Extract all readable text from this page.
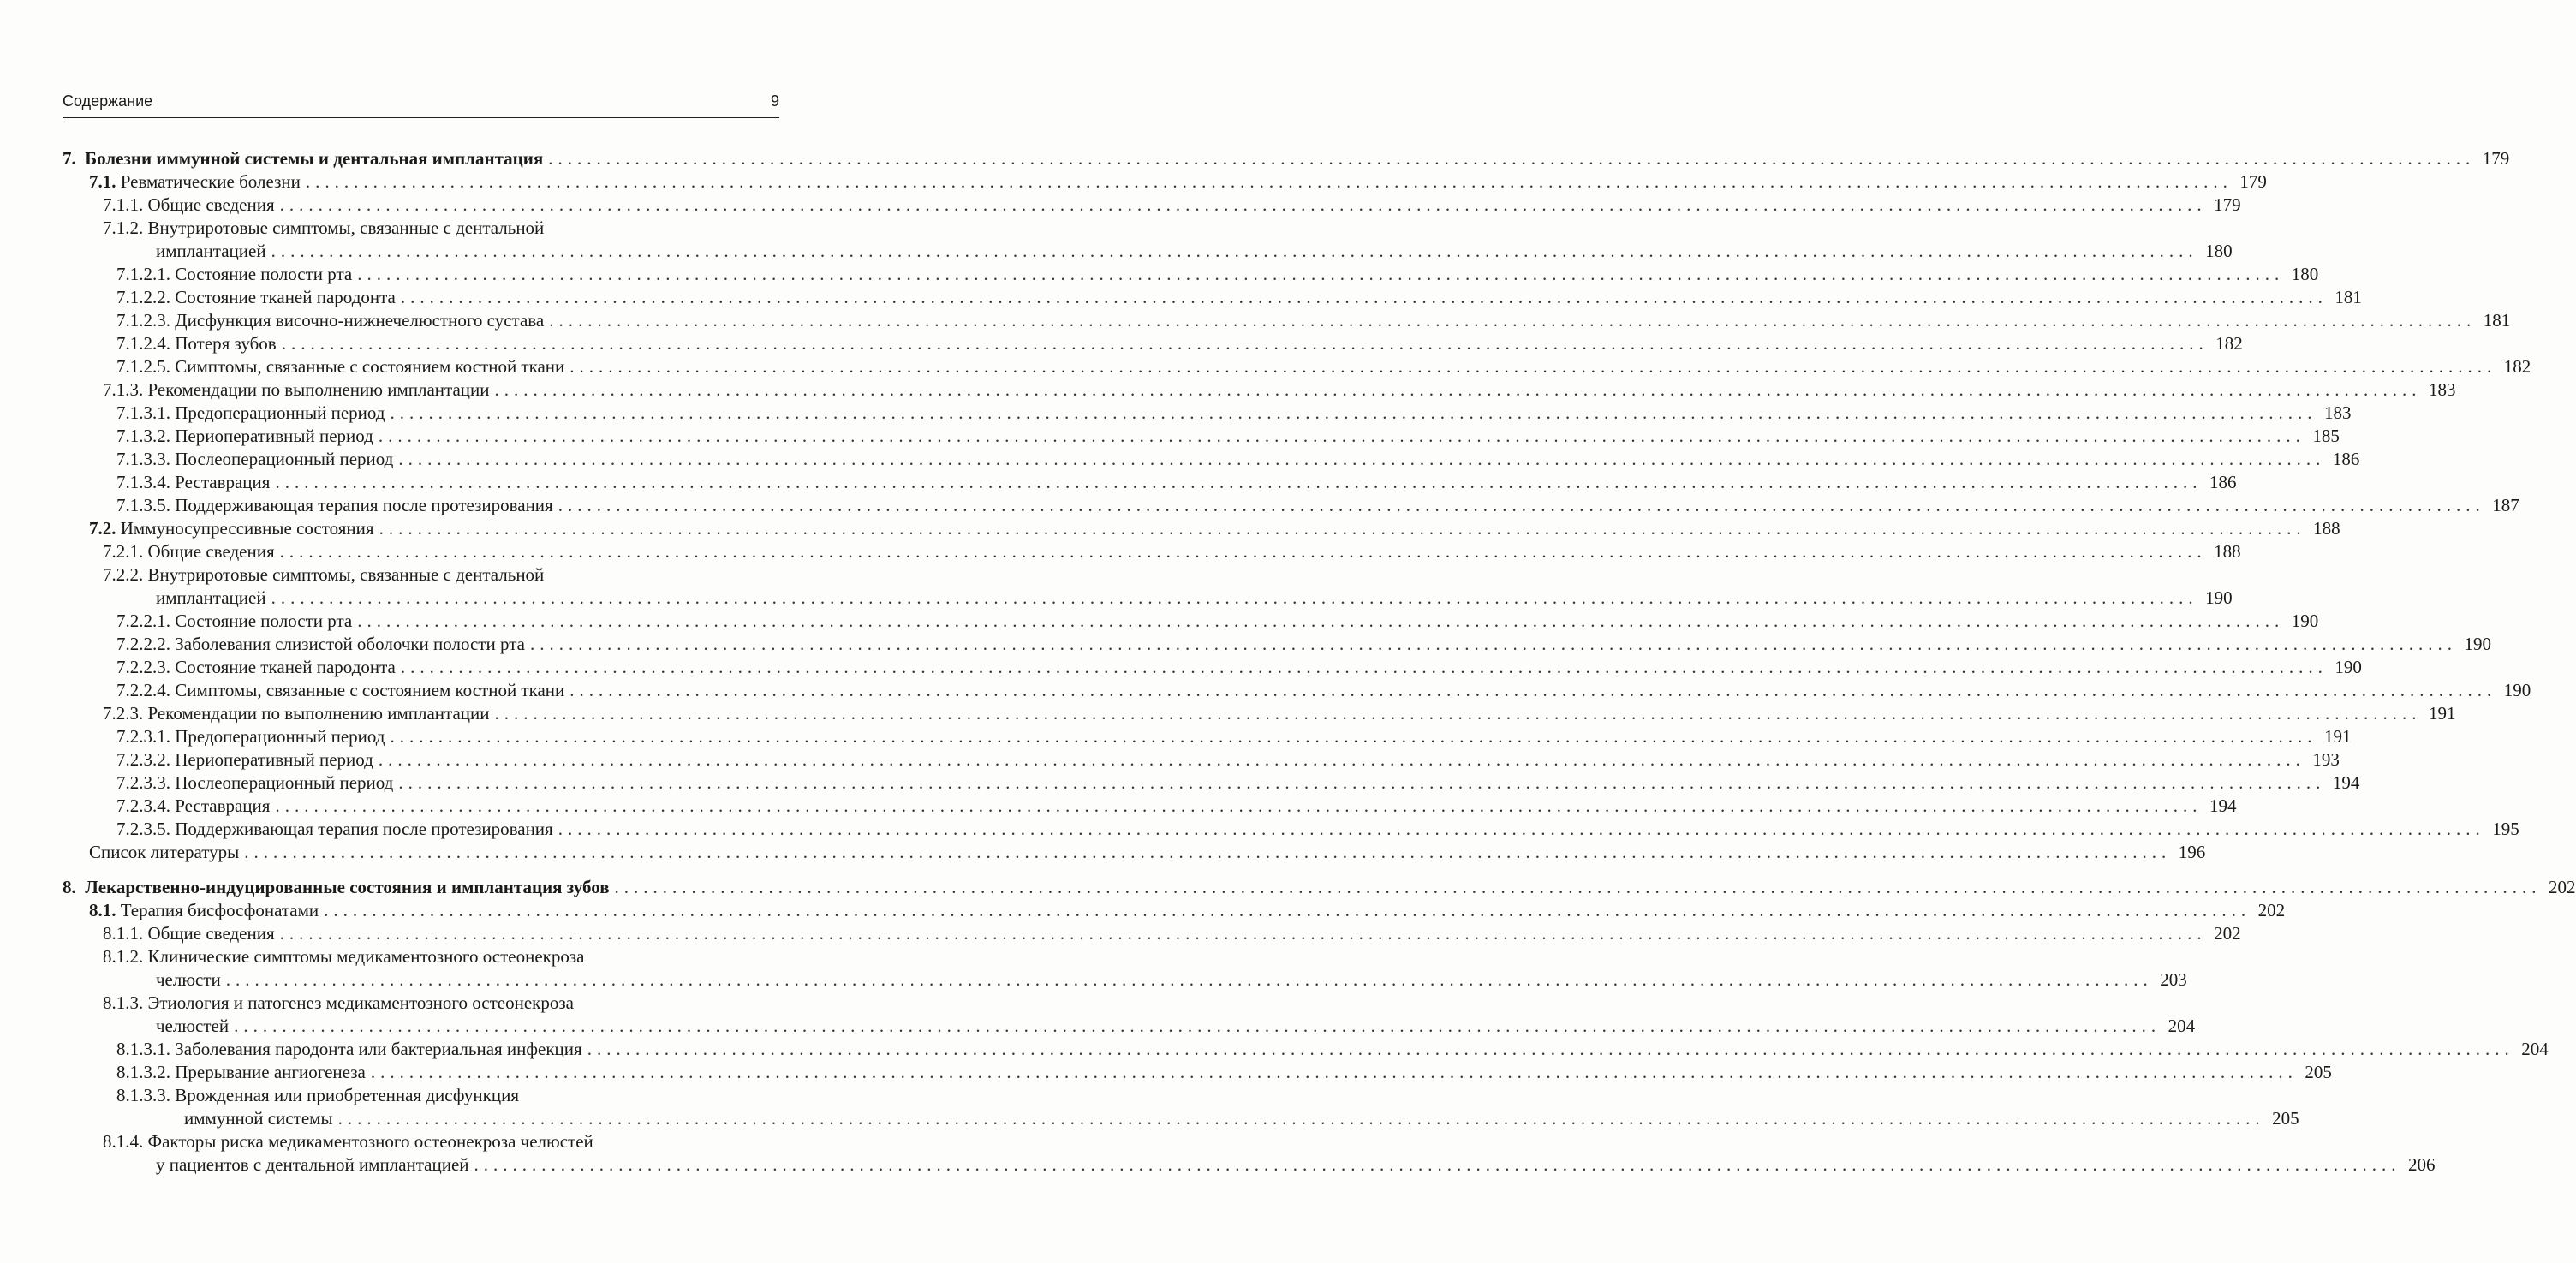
Содержание	9
7.
Болезни иммунной системы и дентальная имплантация ........................................................................................................................................................................................................ 179
7.1.
Ревматические болезни ........................................................................................................................................................................................................ 179
7.1.1.
Общие сведения ........................................................................................................................................................................................................ 179
7.1.2.
Внутриротовые симптомы, связанные с дентальной
имплантацией ........................................................................................................................................................................................................ 180
7.1.2.1.
Состояние полости рта ........................................................................................................................................................................................................ 180
7.1.2.2.
Состояние тканей пародонта ........................................................................................................................................................................................................ 181
7.1.2.3.
Дисфункция височно-нижнечелюстного сустава ........................................................................................................................................................................................................ 181
7.1.2.4.
Потеря зубов ........................................................................................................................................................................................................ 182
7.1.2.5.
Симптомы, связанные с состоянием костной ткани ........................................................................................................................................................................................................ 182
7.1.3.
Рекомендации по выполнению имплантации ........................................................................................................................................................................................................ 183
7.1.3.1.
Предоперационный период ........................................................................................................................................................................................................ 183
7.1.3.2.
Периоперативный период ........................................................................................................................................................................................................ 185
7.1.3.3.
Послеоперационный период ........................................................................................................................................................................................................ 186
7.1.3.4.
Реставрация ........................................................................................................................................................................................................ 186
7.1.3.5.
Поддерживающая терапия после протезирования ........................................................................................................................................................................................................ 187
7.2.
Иммуносупрессивные состояния ........................................................................................................................................................................................................ 188
7.2.1.
Общие сведения ........................................................................................................................................................................................................ 188
7.2.2.
Внутриротовые симптомы, связанные с дентальной
имплантацией ........................................................................................................................................................................................................ 190
7.2.2.1.
Состояние полости рта ........................................................................................................................................................................................................ 190
7.2.2.2.
Заболевания слизистой оболочки полости рта ........................................................................................................................................................................................................ 190
7.2.2.3.
Состояние тканей пародонта ........................................................................................................................................................................................................ 190
7.2.2.4.
Симптомы, связанные с состоянием костной ткани ........................................................................................................................................................................................................ 190
7.2.3.
Рекомендации по выполнению имплантации ........................................................................................................................................................................................................ 191
7.2.3.1.
Предоперационный период ........................................................................................................................................................................................................ 191
7.2.3.2.
Периоперативный период ........................................................................................................................................................................................................ 193
7.2.3.3.
Послеоперационный период ........................................................................................................................................................................................................ 194
7.2.3.4.
Реставрация ........................................................................................................................................................................................................ 194
7.2.3.5.
Поддерживающая терапия после протезирования ........................................................................................................................................................................................................ 195
Список литературы ........................................................................................................................................................................................................ 196
8.
Лекарственно-индуцированные состояния и имплантация зубов ........................................................................................................................................................................................................ 202
8.1.
Терапия бисфосфонатами ........................................................................................................................................................................................................ 202
8.1.1.
Общие сведения ........................................................................................................................................................................................................ 202
8.1.2.
Клинические симптомы медикаментозного остеонекроза
челюсти ........................................................................................................................................................................................................ 203
8.1.3.
Этиология и патогенез медикаментозного остеонекроза
челюстей ........................................................................................................................................................................................................ 204
8.1.3.1.
Заболевания пародонта или бактериальная инфекция ........................................................................................................................................................................................................ 204
8.1.3.2.
Прерывание ангиогенеза ........................................................................................................................................................................................................ 205
8.1.3.3.
Врожденная или приобретенная дисфункция
иммунной системы ........................................................................................................................................................................................................ 205
8.1.4.
Факторы риска медикаментозного остеонекроза челюстей
у пациентов с дентальной имплантацией ........................................................................................................................................................................................................ 206
